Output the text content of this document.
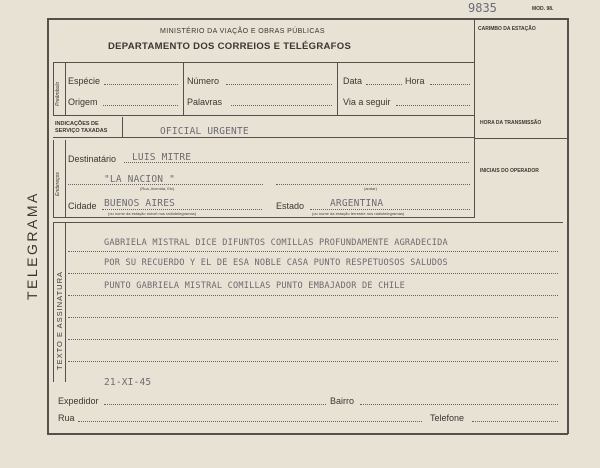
9835	MOD. 98.
MINISTÉRIO DA VIAÇÃO E OBRAS PÚBLICAS
DEPARTAMENTO DOS CORREIOS E TELÉGRAFOS
CARIMBO DA ESTAÇÃO
TELEGRAMA
Preâmbulo
Espécie	Número	Data	Hora
Origem	Palavras	Via a seguir
HORA DA TRANSMISSÃO
INICIAIS DO OPERADOR
INDICAÇÕES DE SERVIÇO TAXADAS	OFICIAL URGENTE
Endereços
Destinatário LUIS MITRE
"LA NACION "
(Rua, Avenida, Etc)	(andar)
Cidade BUENOS AIRES
(ou nome da estação móvel nos radiotelegramas)
Estado	ARGENTINA
(ou nome da estação terrestre nos radiotelegramas)
TEXTO E ASSINATURA
GABRIELA MISTRAL DICE DIFUNTOS COMILLAS PROFUNDAMENTE AGRADECIDA
POR SU RECUERDO Y EL DE ESA NOBLE CASA PUNTO RESPETUOSOS SALUDOS
PUNTO GABRIELA MISTRAL COMILLAS PUNTO EMBAJADOR DE CHILE
21-XI-45
Expedidor	Bairro
Rua	Telefone
